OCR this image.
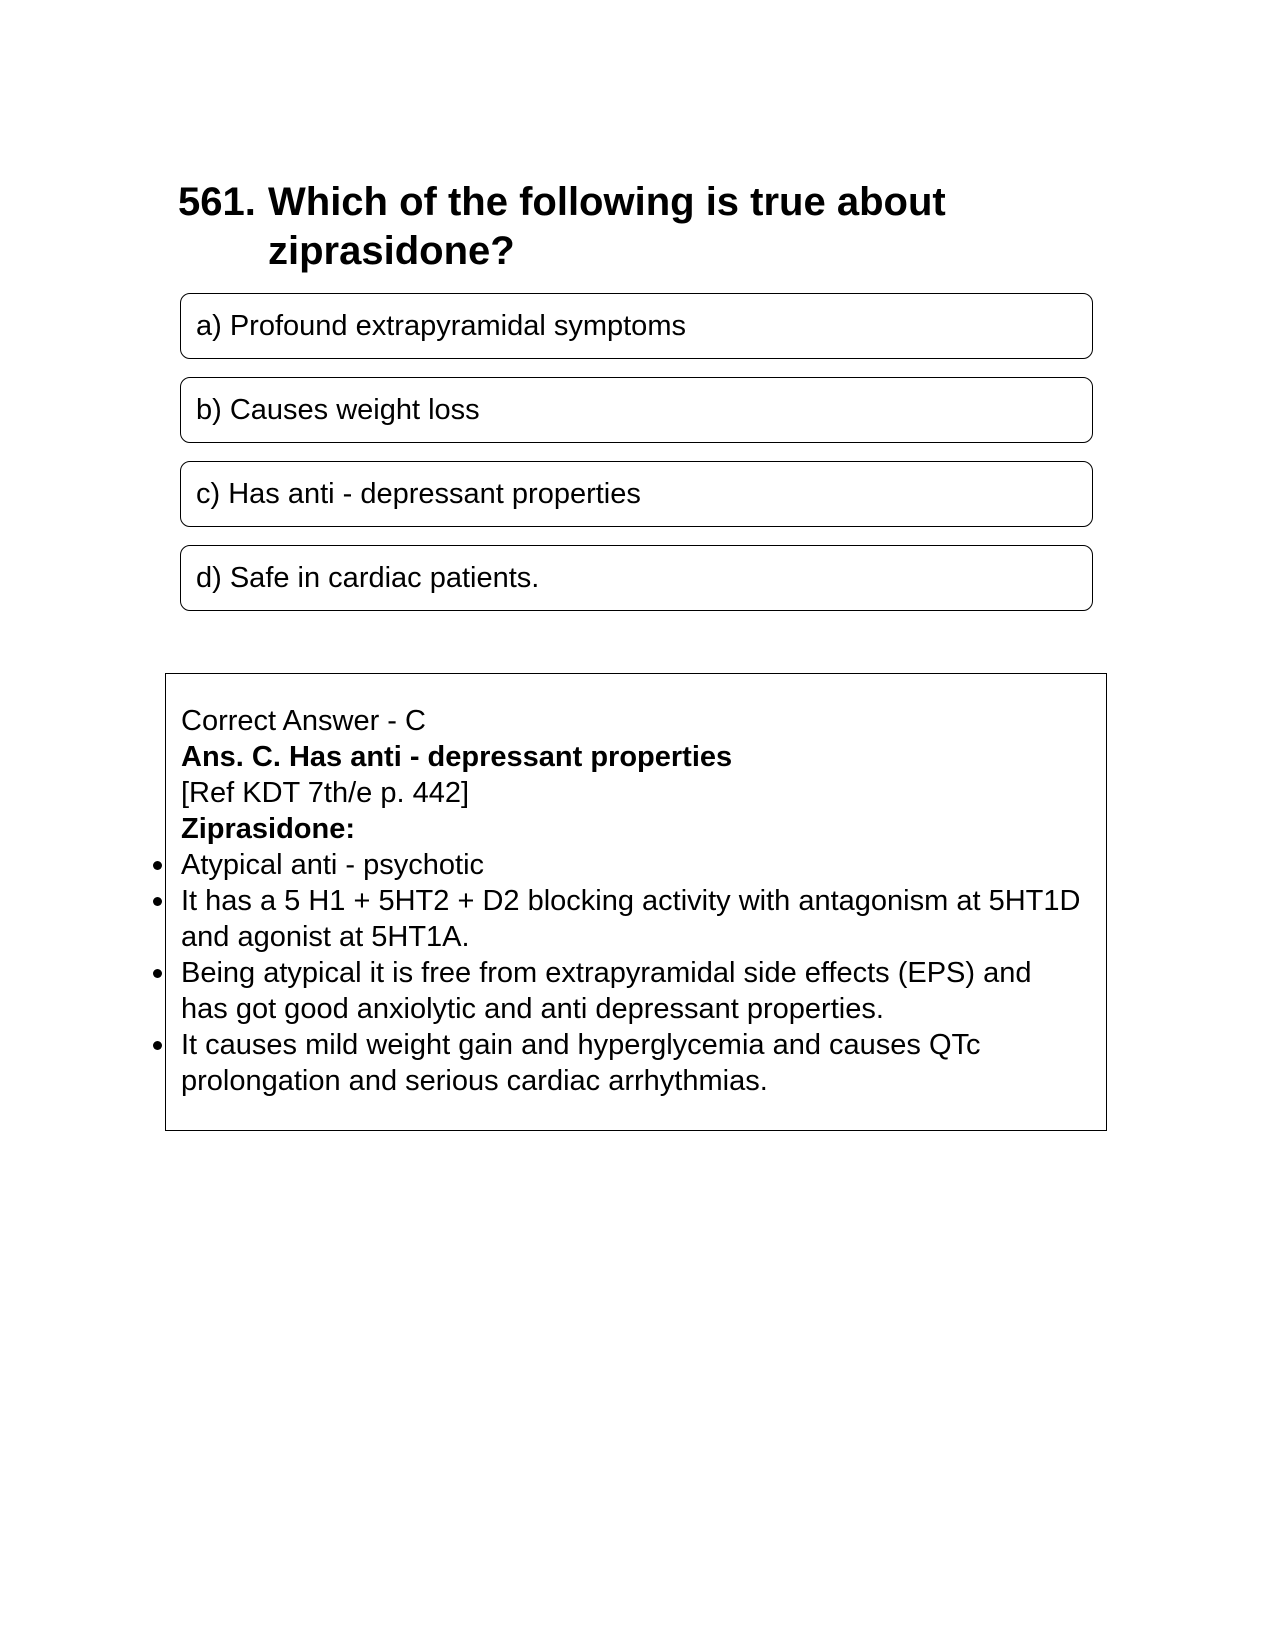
561. Which of the following is true about ziprasidone?
a) Profound extrapyramidal symptoms
b) Causes weight loss
c) Has anti - depressant properties
d) Safe in cardiac patients.
Correct Answer - C
Ans. C. Has anti - depressant properties
[Ref KDT 7th/e p. 442]
Ziprasidone:
Atypical anti - psychotic
It has a 5 H1 + 5HT2 + D2 blocking activity with antagonism at 5HT1D and agonist at 5HT1A.
Being atypical it is free from extrapyramidal side effects (EPS) and has got good anxiolytic and anti depressant properties.
It causes mild weight gain and hyperglycemia and causes QTc prolongation and serious cardiac arrhythmias.
